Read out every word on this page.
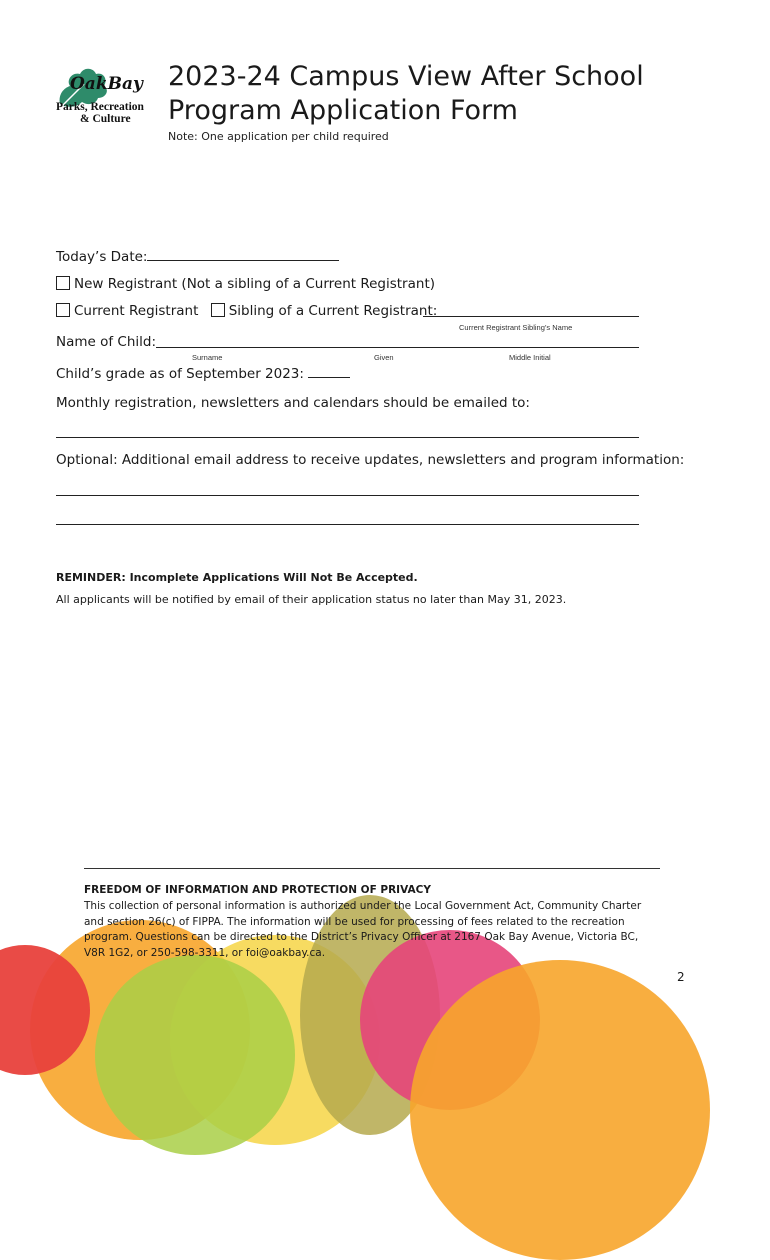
OakBay
Parks, Recreation
& Culture
2023-24 Campus View After School
Program Application Form
Note: One application per child required
Today’s Date:
New Registrant (Not a sibling of a Current Registrant)
Current Registrant Sibling of a Current Registrant:
Current Registrant Sibling’s Name
Name of Child:
Surname	Given	Middle Initial
Child’s grade as of September 2023:
Monthly registration, newsletters and calendars should be emailed to:
Optional: Additional email address to receive updates, newsletters and program information:
REMINDER: Incomplete Applications Will Not Be Accepted.
All applicants will be notified by email of their application status no later than May 31, 2023.
FREEDOM OF INFORMATION AND PROTECTION OF PRIVACY
This collection of personal information is authorized under the Local Government Act, Community Charter
and section 26(c) of FIPPA. The information will be used for processing of fees related to the recreation
program. Questions can be directed to the District’s Privacy Officer at 2167 Oak Bay Avenue, Victoria BC,
V8R 1G2, or 250-598-3311, or foi@oakbay.ca.
2
